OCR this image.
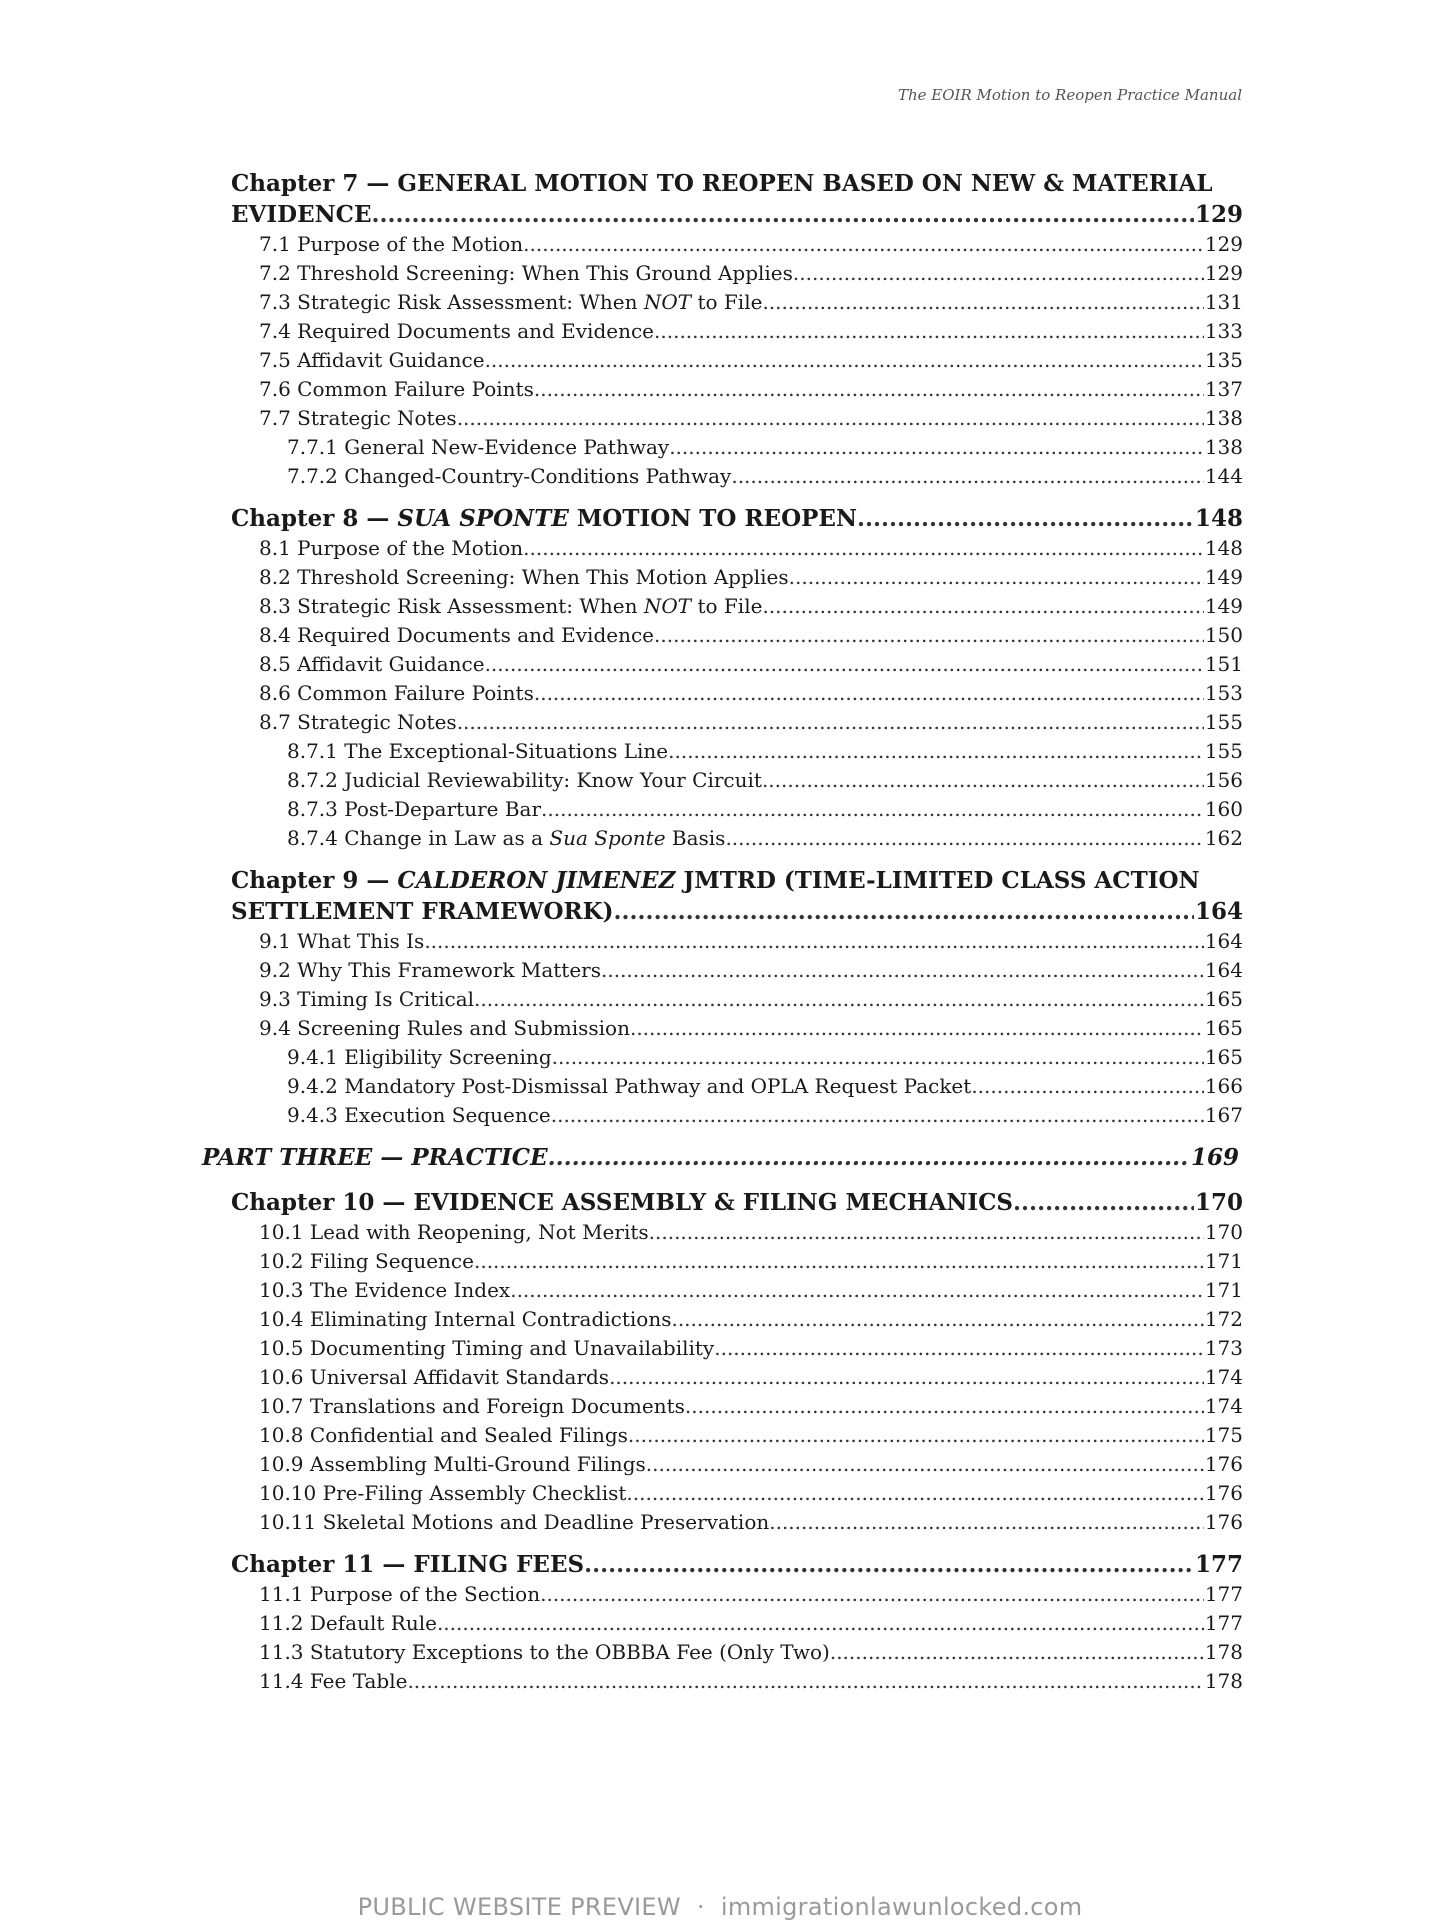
The EOIR Motion to Reopen Practice Manual
Chapter 7 — GENERAL MOTION TO REOPEN BASED ON NEW & MATERIAL
EVIDENCE .....	129
7.1 Purpose of the Motion .....	129
7.2 Threshold Screening: When This Ground Applies .....	129
7.3 Strategic Risk Assessment: When NOT to File .....	131
7.4 Required Documents and Evidence .....	133
7.5 Affidavit Guidance .....	135
7.6 Common Failure Points .....	137
7.7 Strategic Notes .....	138
7.7.1 General New-Evidence Pathway .....	138
7.7.2 Changed-Country-Conditions Pathway .....	144
Chapter 8 — SUA SPONTE MOTION TO REOPEN .....	148
8.1 Purpose of the Motion .....	148
8.2 Threshold Screening: When This Motion Applies .....	149
8.3 Strategic Risk Assessment: When NOT to File .....	149
8.4 Required Documents and Evidence .....	150
8.5 Affidavit Guidance .....	151
8.6 Common Failure Points .....	153
8.7 Strategic Notes .....	155
8.7.1 The Exceptional-Situations Line .....	155
8.7.2 Judicial Reviewability: Know Your Circuit .....	156
8.7.3 Post-Departure Bar .....	160
8.7.4 Change in Law as a Sua Sponte Basis .....	162
Chapter 9 — CALDERON JIMENEZ JMTRD (TIME-LIMITED CLASS ACTION
SETTLEMENT FRAMEWORK) .....	164
9.1 What This Is .....	164
9.2 Why This Framework Matters .....	164
9.3 Timing Is Critical .....	165
9.4 Screening Rules and Submission .....	165
9.4.1 Eligibility Screening .....	165
9.4.2 Mandatory Post-Dismissal Pathway and OPLA Request Packet .....	166
9.4.3 Execution Sequence .....	167
PART THREE — PRACTICE .....	169
Chapter 10 — EVIDENCE ASSEMBLY & FILING MECHANICS .....	170
10.1 Lead with Reopening, Not Merits .....	170
10.2 Filing Sequence .....	171
10.3 The Evidence Index .....	171
10.4 Eliminating Internal Contradictions .....	172
10.5 Documenting Timing and Unavailability .....	173
10.6 Universal Affidavit Standards .....	174
10.7 Translations and Foreign Documents .....	174
10.8 Confidential and Sealed Filings .....	175
10.9 Assembling Multi-Ground Filings .....	176
10.10 Pre-Filing Assembly Checklist .....	176
10.11 Skeletal Motions and Deadline Preservation .....	176
Chapter 11 — FILING FEES .....	177
11.1 Purpose of the Section .....	177
11.2 Default Rule .....	177
11.3 Statutory Exceptions to the OBBBA Fee (Only Two) .....	178
11.4 Fee Table .....	178
PUBLIC WEBSITE PREVIEW · immigrationlawunlocked.com
